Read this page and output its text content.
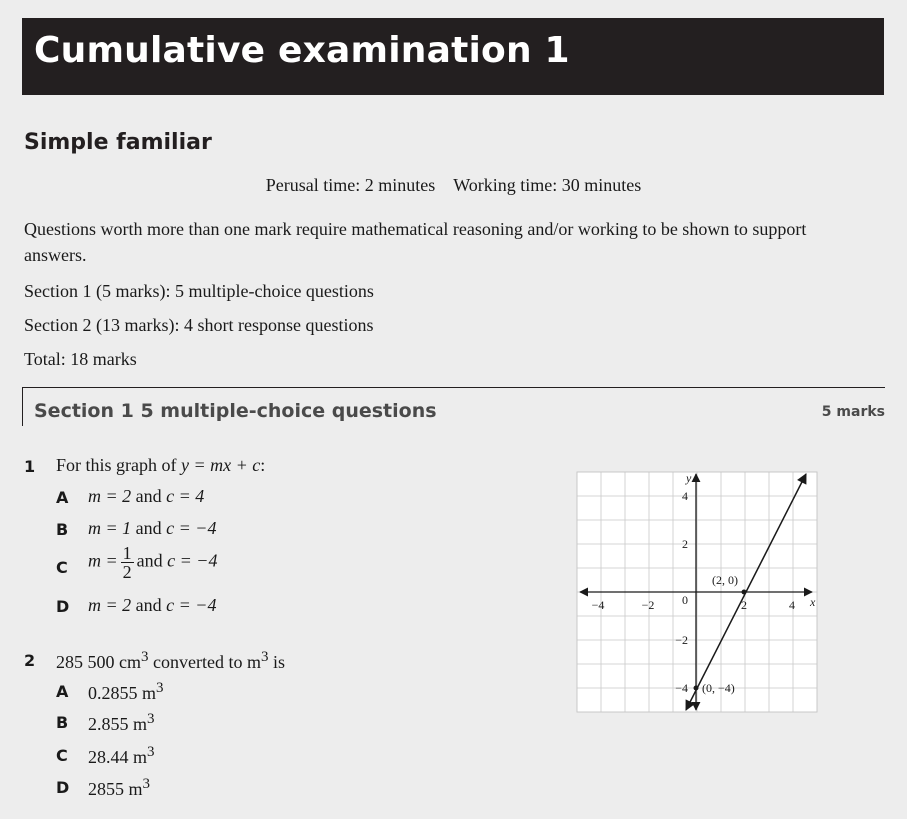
Cumulative examination 1
Simple familiar
Perusal time: 2 minutes Working time: 30 minutes
Questions worth more than one mark require mathematical reasoning and/or working to be shown to support answers.
Section 1 (5 marks): 5 multiple-choice questions
Section 2 (13 marks): 4 short response questions
Total: 18 marks
Section 1 5 multiple-choice questions	5 marks
1 For this graph of y = mx + c:
A m = 2 and c = 4
B m = 1 and c = −4
C $m = \frac{1}{2}$ and c = −4
D m = 2 and c = −4
2 285 500 $cm^3$ converted to $m^3$ is
A 0.2855 $m^3$
B 2.855 $m^3$
C 28.44 $m^3$
D 2855 $m^3$
−4	−2	2	4
4
2
−2
−4
0	x
y
(2, 0)
(0, −4)
